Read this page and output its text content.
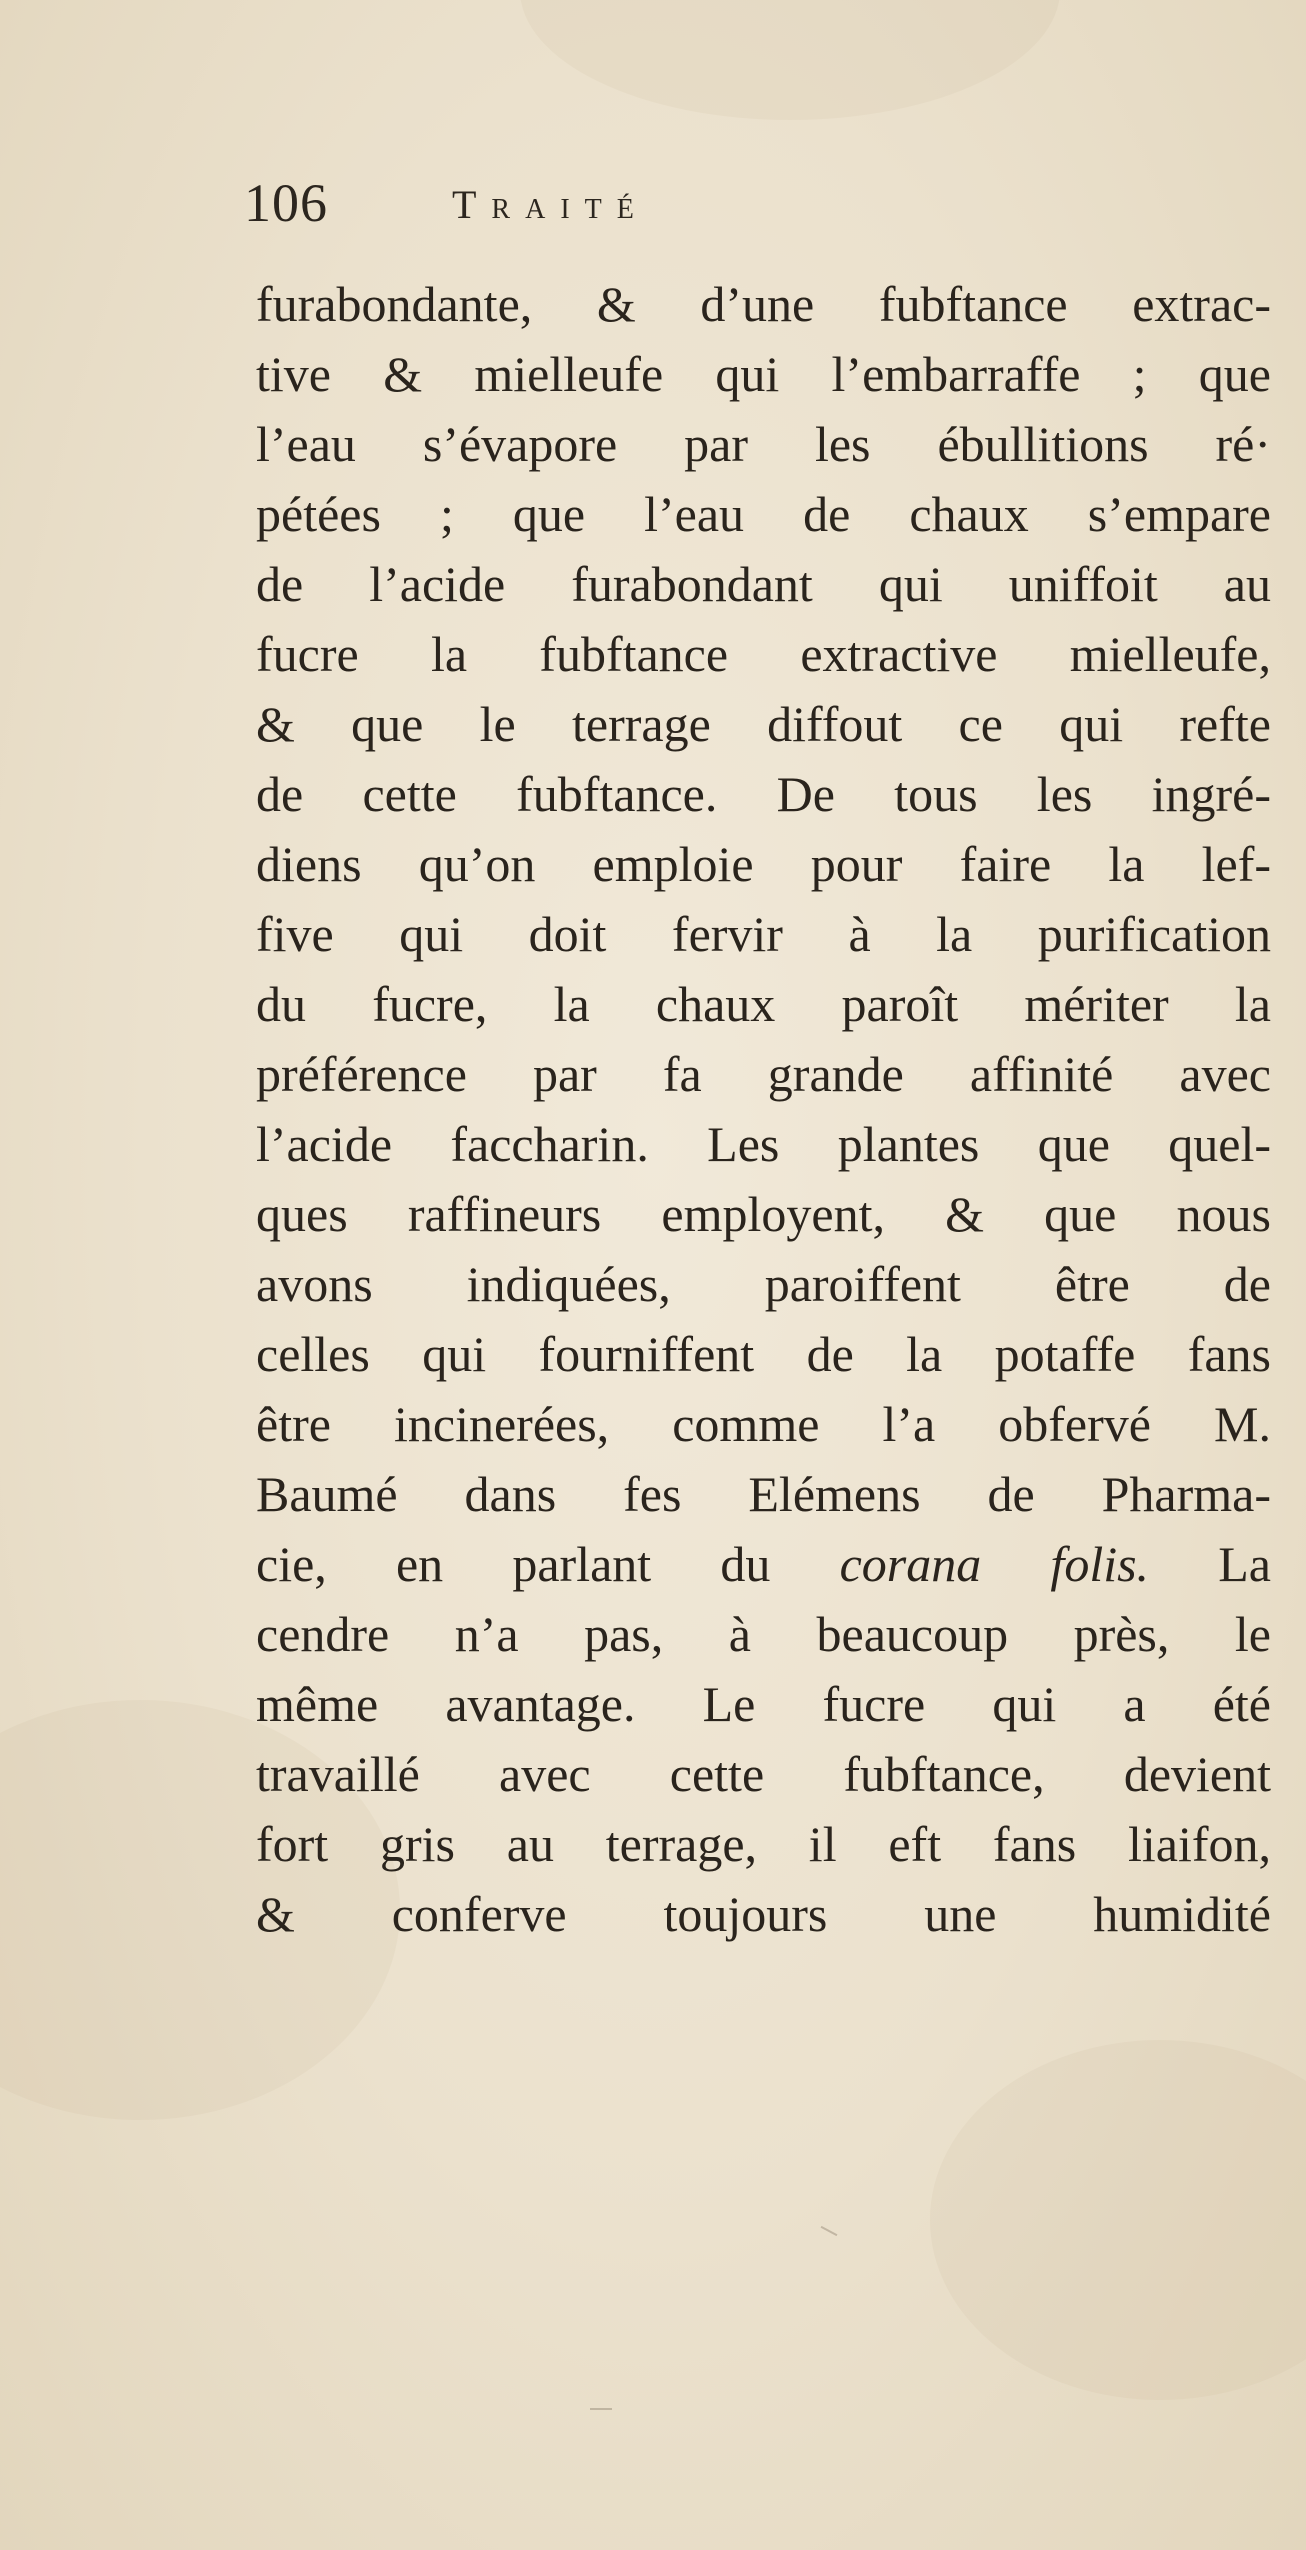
106	Traité
furabondante, & d’une fubftance extrac-
tive & mielleufe qui l’embarraffe ; que
l’eau s’évapore par les ébullitions ré·
pétées ; que l’eau de chaux s’empare
de l’acide furabondant qui uniffoit au
fucre la fubftance extractive mielleufe,
& que le terrage diffout ce qui refte
de cette fubftance. De tous les ingré-
diens qu’on emploie pour faire la lef-
five qui doit fervir à la purification
du fucre, la chaux paroît mériter la
préférence par fa grande affinité avec
l’acide faccharin. Les plantes que quel-
ques raffineurs employent, & que nous
avons indiquées, paroiffent être de
celles qui fourniffent de la potaffe fans
être incinerées, comme l’a obfervé M.
Baumé dans fes Elémens de Pharma-
cie, en parlant du corana folis. La
cendre n’a pas, à beaucoup près, le
même avantage. Le fucre qui a été
travaillé avec cette fubftance, devient
fort gris au terrage, il eft fans liaifon,
& conferve toujours une humidité
